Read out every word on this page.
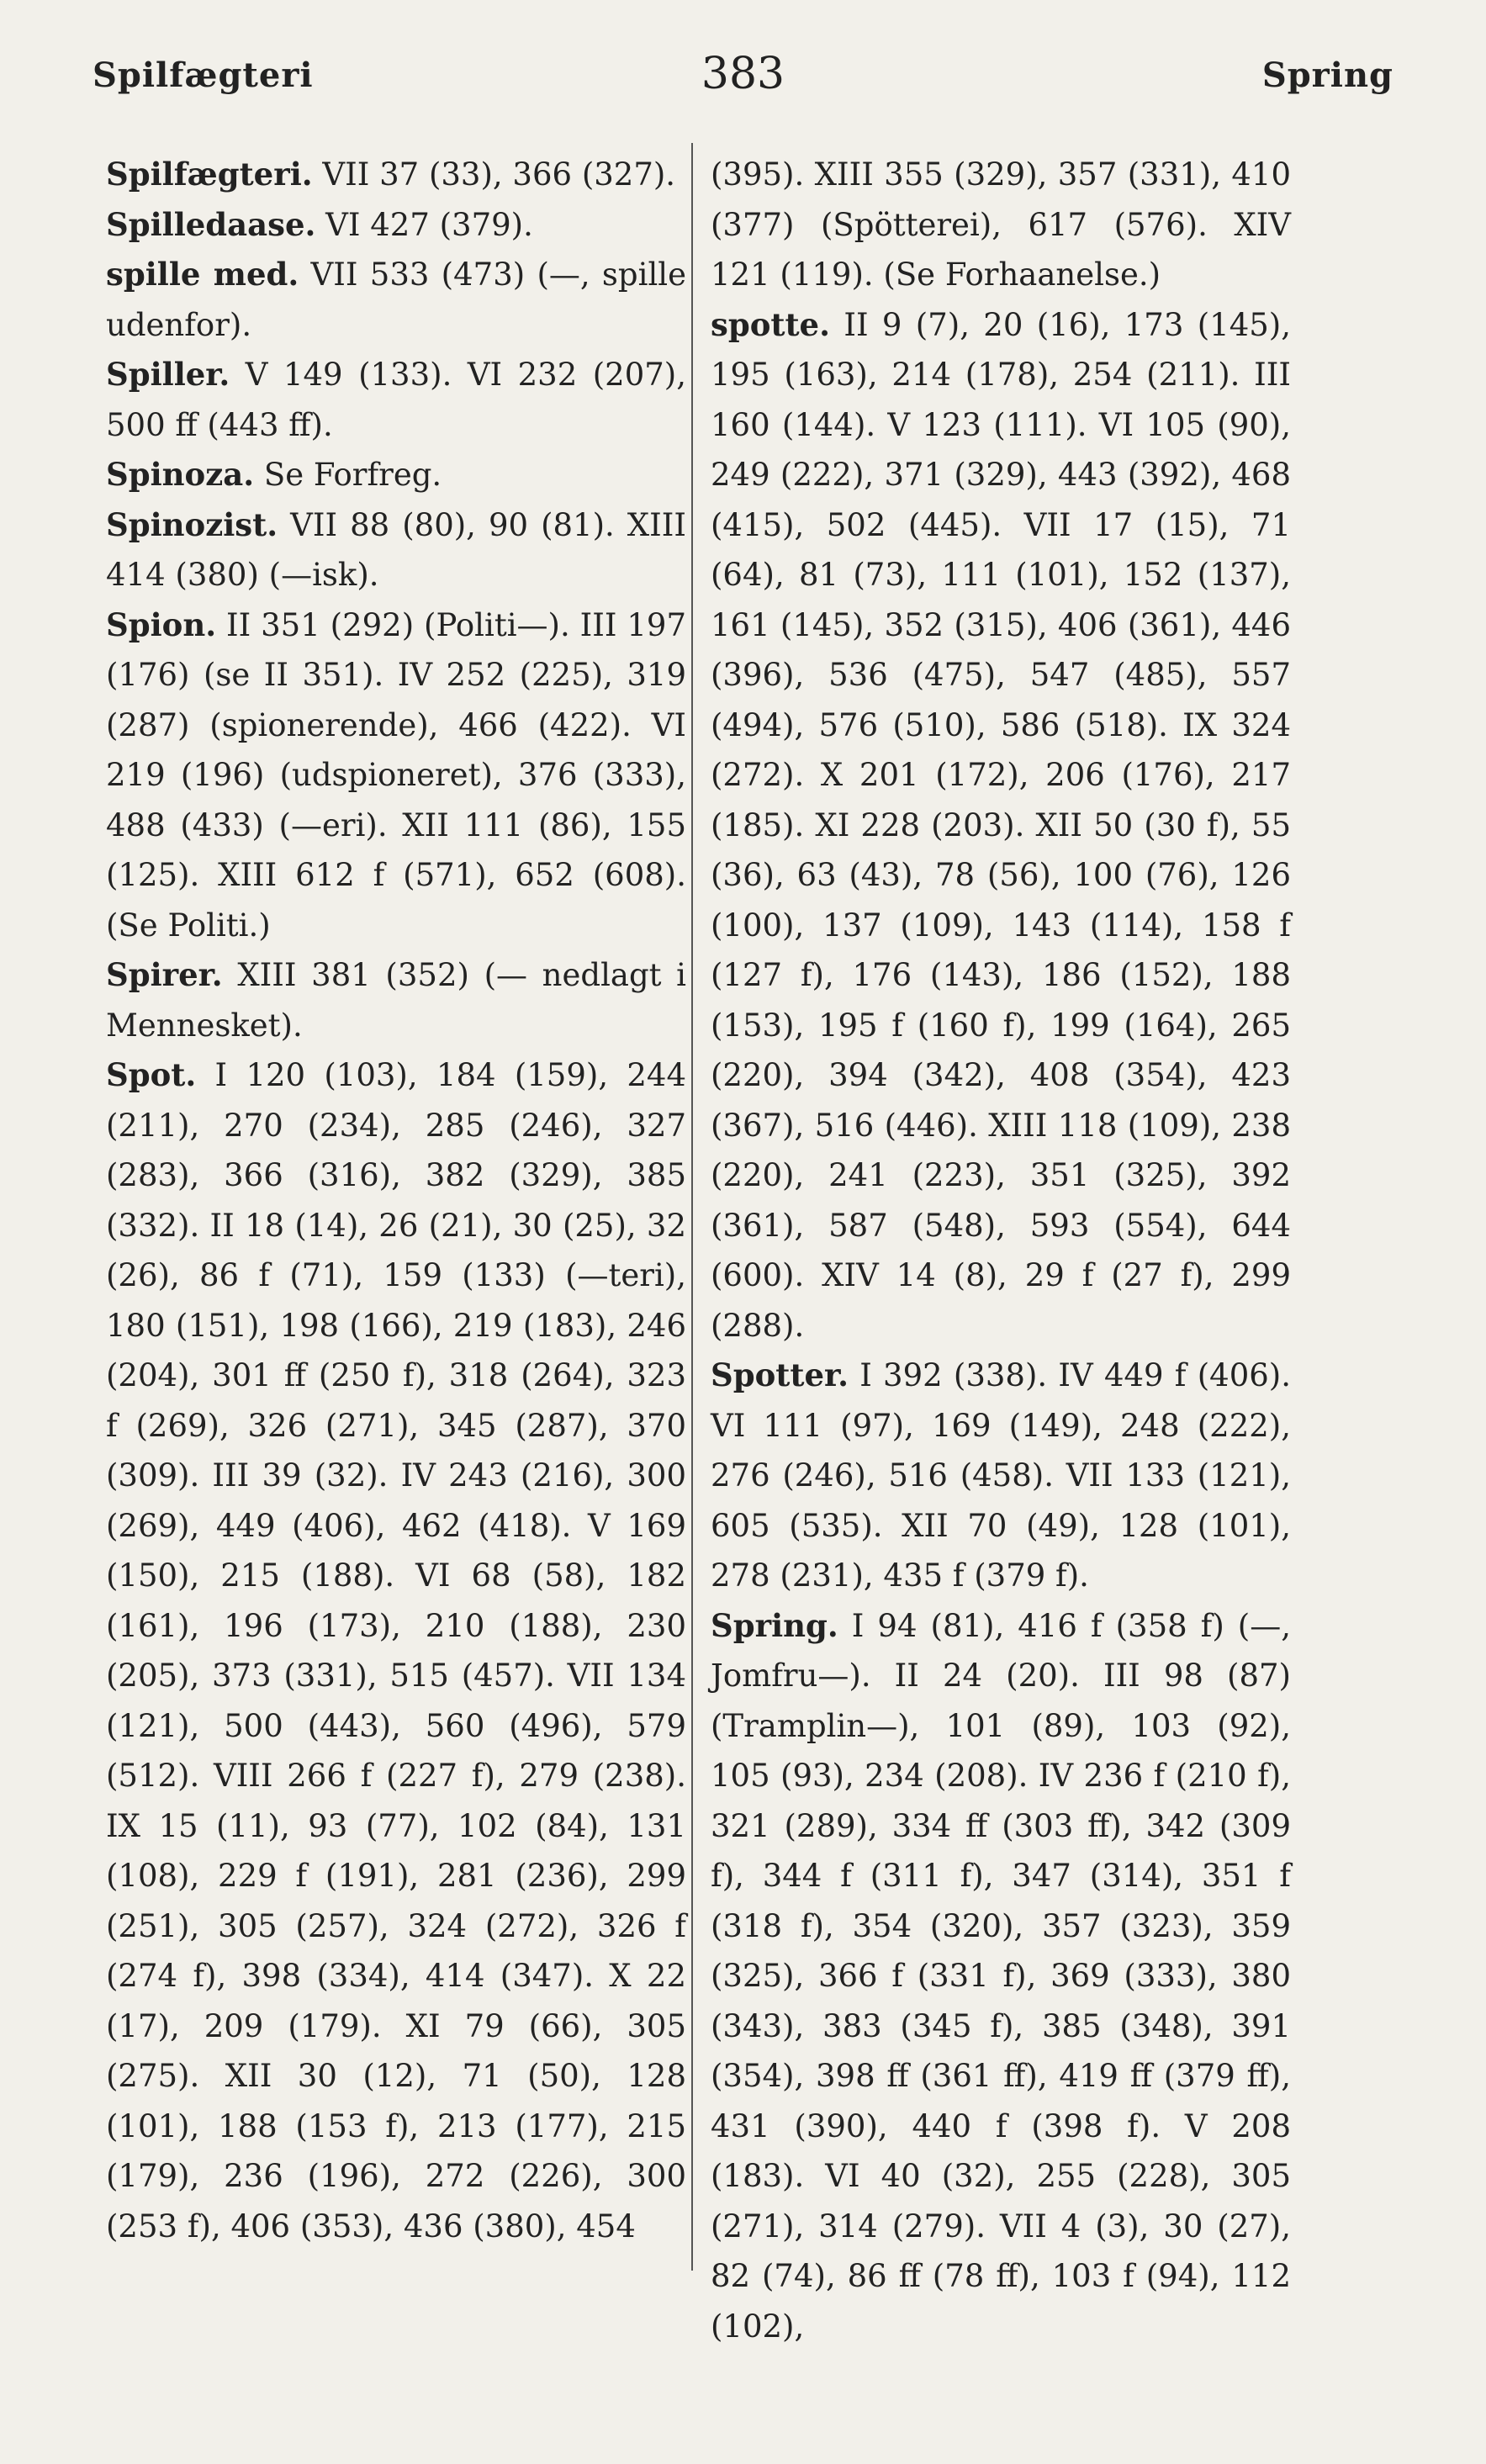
Spilfægteri	383	Spring

Spilfægteri. VII 37 (33), 366 (327).

Spilledaase. VI 427 (379).

spille med. VII 533 (473) (—, spille udenfor).

Spiller. V 149 (133). VI 232 (207), 500 ff (443 ff).

Spinoza. Se Forfreg.

Spinozist. VII 88 (80), 90 (81). XIII 414 (380) (—isk).

Spion. II 351 (292) (Politi—). III 197 (176) (se II 351). IV 252 (225), 319 (287) (spionerende), 466 (422). VI 219 (196) (udspioneret), 376 (333), 488 (433) (—eri). XII 111 (86), 155 (125). XIII 612 f (571), 652 (608). (Se Politi.)

Spirer. XIII 381 (352) (— nedlagt i Mennesket).

Spot. I 120 (103), 184 (159), 244 (211), 270 (234), 285 (246), 327 (283), 366 (316), 382 (329), 385 (332). II 18 (14), 26 (21), 30 (25), 32 (26), 86 f (71), 159 (133) (—teri), 180 (151), 198 (166), 219 (183), 246 (204), 301 ff (250 f), 318 (264), 323 f (269), 326 (271), 345 (287), 370 (309). III 39 (32). IV 243 (216), 300 (269), 449 (406), 462 (418). V 169 (150), 215 (188). VI 68 (58), 182 (161), 196 (173), 210 (188), 230 (205), 373 (331), 515 (457). VII 134 (121), 500 (443), 560 (496), 579 (512). VIII 266 f (227 f), 279 (238). IX 15 (11), 93 (77), 102 (84), 131 (108), 229 f (191), 281 (236), 299 (251), 305 (257), 324 (272), 326 f (274 f), 398 (334), 414 (347). X 22 (17), 209 (179). XI 79 (66), 305 (275). XII 30 (12), 71 (50), 128 (101), 188 (153 f), 213 (177), 215 (179), 236 (196), 272 (226), 300 (253 f), 406 (353), 436 (380), 454

(395). XIII 355 (329), 357 (331), 410 (377) (Spötterei), 617 (576). XIV 121 (119). (Se Forhaanelse.)

spotte. II 9 (7), 20 (16), 173 (145), 195 (163), 214 (178), 254 (211). III 160 (144). V 123 (111). VI 105 (90), 249 (222), 371 (329), 443 (392), 468 (415), 502 (445). VII 17 (15), 71 (64), 81 (73), 111 (101), 152 (137), 161 (145), 352 (315), 406 (361), 446 (396), 536 (475), 547 (485), 557 (494), 576 (510), 586 (518). IX 324 (272). X 201 (172), 206 (176), 217 (185). XI 228 (203). XII 50 (30 f), 55 (36), 63 (43), 78 (56), 100 (76), 126 (100), 137 (109), 143 (114), 158 f (127 f), 176 (143), 186 (152), 188 (153), 195 f (160 f), 199 (164), 265 (220), 394 (342), 408 (354), 423 (367), 516 (446). XIII 118 (109), 238 (220), 241 (223), 351 (325), 392 (361), 587 (548), 593 (554), 644 (600). XIV 14 (8), 29 f (27 f), 299 (288).

Spotter. I 392 (338). IV 449 f (406). VI 111 (97), 169 (149), 248 (222), 276 (246), 516 (458). VII 133 (121), 605 (535). XII 70 (49), 128 (101), 278 (231), 435 f (379 f).

Spring. I 94 (81), 416 f (358 f) (—, Jomfru—). II 24 (20). III 98 (87) (Tramplin—), 101 (89), 103 (92), 105 (93), 234 (208). IV 236 f (210 f), 321 (289), 334 ff (303 ff), 342 (309 f), 344 f (311 f), 347 (314), 351 f (318 f), 354 (320), 357 (323), 359 (325), 366 f (331 f), 369 (333), 380 (343), 383 (345 f), 385 (348), 391 (354), 398 ff (361 ff), 419 ff (379 ff), 431 (390), 440 f (398 f). V 208 (183). VI 40 (32), 255 (228), 305 (271), 314 (279). VII 4 (3), 30 (27), 82 (74), 86 ff (78 ff), 103 f (94), 112 (102),
